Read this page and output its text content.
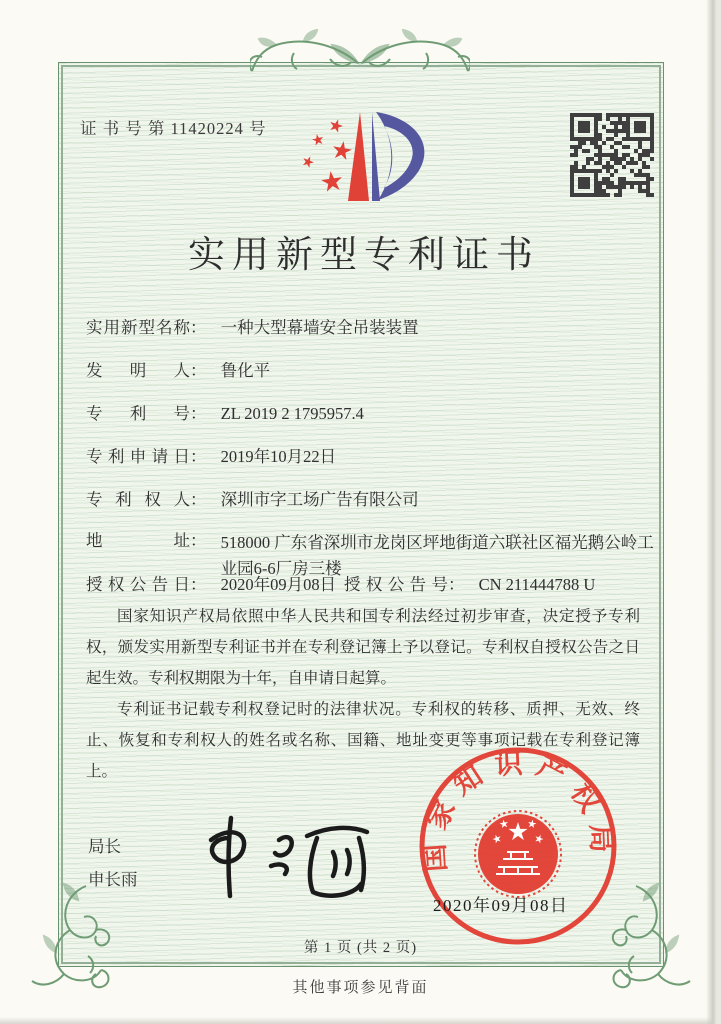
证 书 号 第 11420224 号
实用新型专利证书
实用新型名称： 一种大型幕墙安全吊装装置
发明人： 鲁化平
专利号： ZL 2019 2 1795957.4
专利申请日： 2019年10月22日
专利权人： 深圳市字工场广告有限公司
地址： 518000 广东省深圳市龙岗区坪地街道六联社区福光鹅公岭工业园6-6厂房三楼
授权公告日： 2020年09月08日 授权公告号： CN 211444788 U

国家知识产权局依照中华人民共和国专利法经过初步审查，决定授予专利权，颁发实用新型专利证书并在专利登记簿上予以登记。专利权自授权公告之日起生效。专利权期限为十年，自申请日起算。

专利证书记载专利权登记时的法律状况。专利权的转移、质押、无效、终止、恢复和专利权人的姓名或名称、国籍、地址变更等事项记载在专利登记簿上。

局长
申长雨
国家知识产权局
2020年09月08日
第 1 页 (共 2 页)
其他事项参见背面
